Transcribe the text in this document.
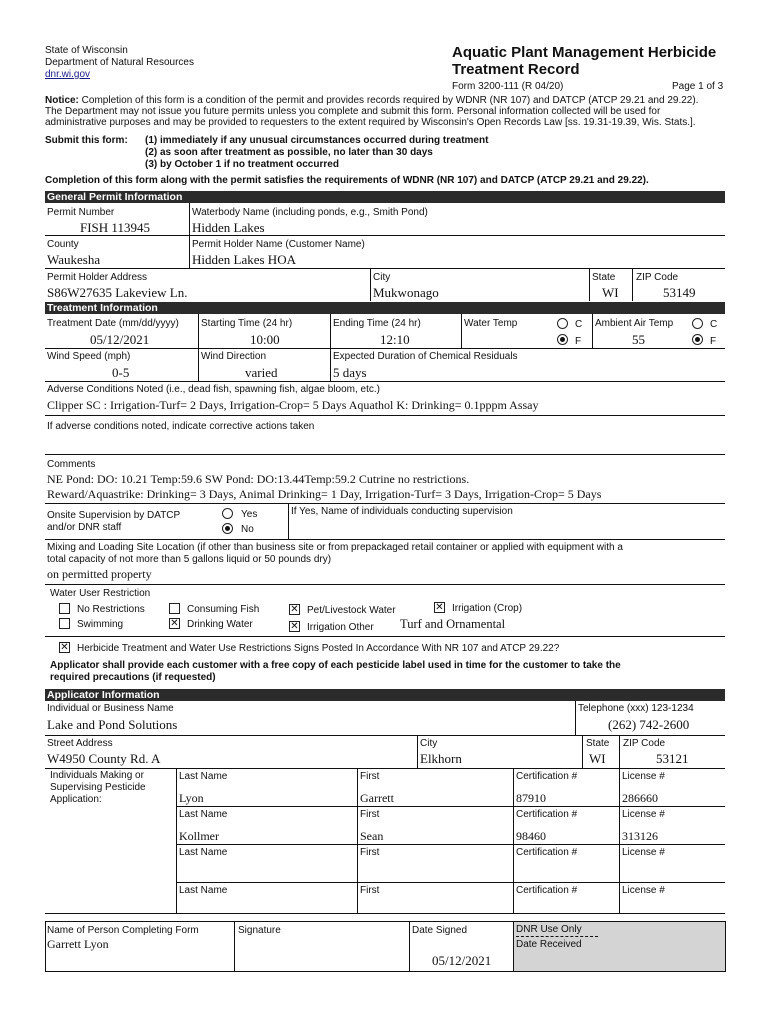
State of Wisconsin
Department of Natural Resources
dnr.wi.gov
Aquatic Plant Management Herbicide
Treatment Record
Form 3200-111 (R 04/20)	Page 1 of 3
Notice: Completion of this form is a condition of the permit and provides records required by WDNR (NR 107) and DATCP (ATCP 29.21 and 29.22).
The Department may not issue you future permits unless you complete and submit this form. Personal information collected will be used for
administrative purposes and may be provided to requesters to the extent required by Wisconsin's Open Records Law [ss. 19.31-19.39, Wis. Stats.].
Submit this form: (1) immediately if any unusual circumstances occurred during treatment
(2) as soon after treatment as possible, no later than 30 days
(3) by October 1 if no treatment occurred
Completion of this form along with the permit satisfies the requirements of WDNR (NR 107) and DATCP (ATCP 29.21 and 29.22).
General Permit Information
Permit Number
FISH 113945
Waterbody Name (including ponds, e.g., Smith Pond)
Hidden Lakes
County
Waukesha
Permit Holder Name (Customer Name)
Hidden Lakes HOA
Permit Holder Address
S86W27635 Lakeview Ln.
City
Mukwonago
State
WI
ZIP Code
53149
Treatment Information
Treatment Date (mm/dd/yyyy)
05/12/2021
Starting Time (24 hr)
10:00
Ending Time (24 hr)
12:10
Water Temp	C
F
Ambient Air Temp
55
C
F
Wind Speed (mph)
0-5
Wind Direction
varied
Expected Duration of Chemical Residuals
5 days
Adverse Conditions Noted (i.e., dead fish, spawning fish, algae bloom, etc.)
Clipper SC : Irrigation-Turf= 2 Days, Irrigation-Crop= 5 Days Aquathol K: Drinking= 0.1pppm Assay
If adverse conditions noted, indicate corrective actions taken
Comments
NE Pond: DO: 10.21 Temp:59.6 SW Pond: DO:13.44Temp:59.2 Cutrine no restrictions.
Reward/Aquastrike: Drinking= 3 Days, Animal Drinking= 1 Day, Irrigation-Turf= 3 Days, Irrigation-Crop= 5 Days
Onsite Supervision by DATCP
and/or DNR staff
Yes
No
If Yes, Name of individuals conducting supervision
Mixing and Loading Site Location (if other than business site or from prepackaged retail container or applied with equipment with a
total capacity of not more than 5 gallons liquid or 50 pounds dry)
on permitted property
Water User Restriction
No Restrictions
Swimming
Consuming Fish
✕
Drinking Water
✕
Pet/Livestock Water
✕
Irrigation Other Turf and Ornamental
✕
Irrigation (Crop)
✕
Herbicide Treatment and Water Use Restrictions Signs Posted In Accordance With NR 107 and ATCP 29.22?
Applicator shall provide each customer with a free copy of each pesticide label used in time for the customer to take the
required precautions (if requested)
Applicator Information
Individual or Business Name
Lake and Pond Solutions
Telephone (xxx) 123-1234
(262) 742-2600
Street Address
W4950 County Rd. A
City
Elkhorn
State
WI
ZIP Code
53121
Individuals Making or
Supervising Pesticide
Application:
Last Name	First	Certification #	License #
Lyon	Garrett	87910	286660
Last Name	First	Certification #	License #
Kollmer	Sean	98460	313126
Last Name	First	Certification #	License #
Last Name	First	Certification #	License #
Name of Person Completing Form
Garrett Lyon
Signature	Date Signed
05/12/2021
DNR Use Only
Date Received
